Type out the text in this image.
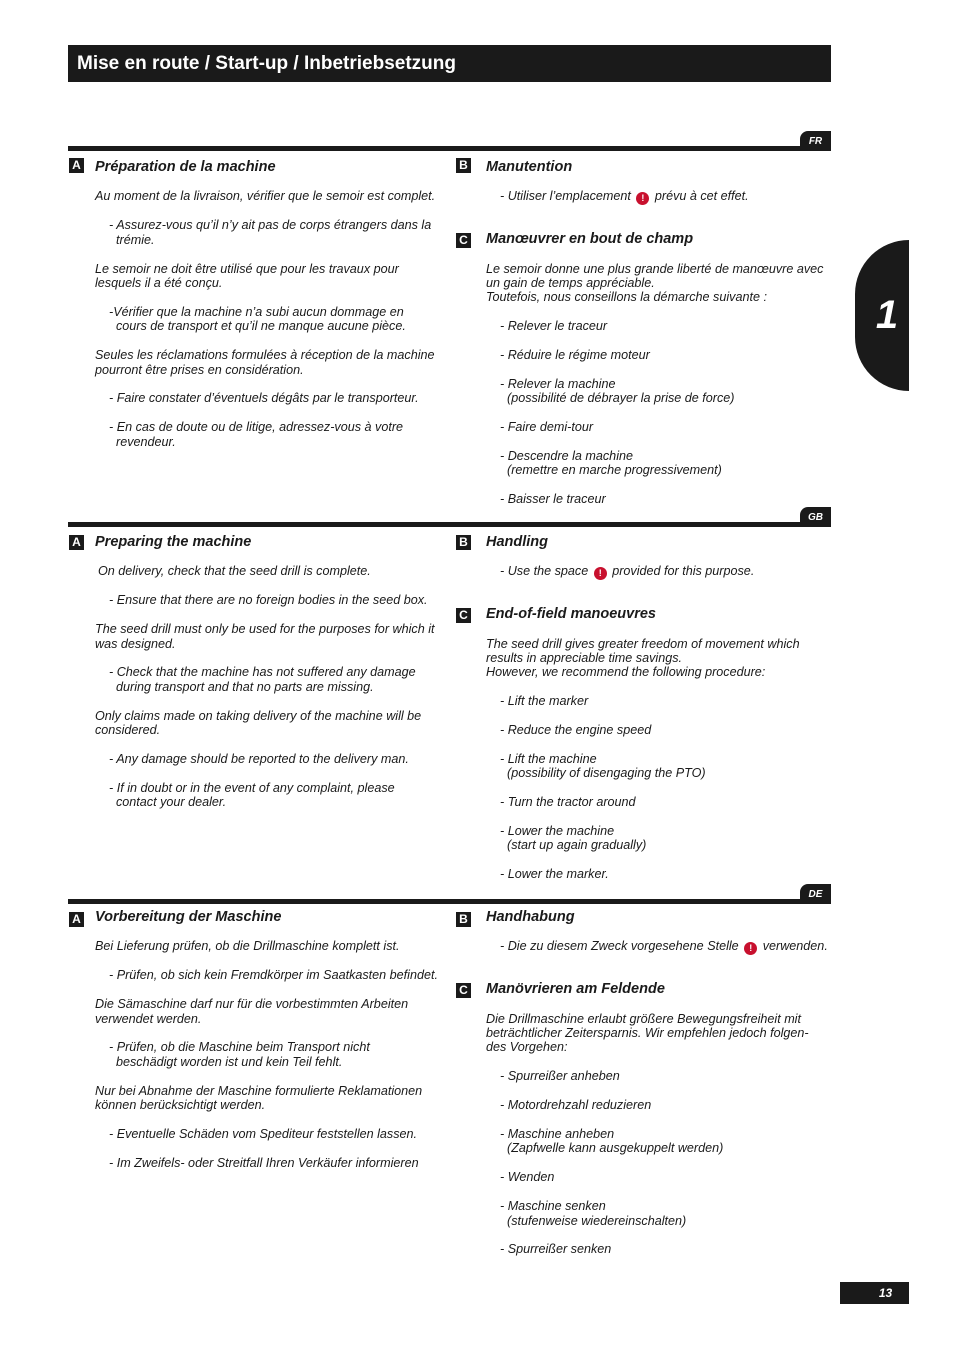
Mise en route / Start-up / Inbetriebsetzung
1
13
FR
A Préparation de la machine
Au moment de la livraison, vérifier que le semoir est complet.
- Assurez-vous qu’il n’y ait pas de corps étrangers dans la
trémie.
Le semoir ne doit être utilisé que pour les travaux pour
lesquels il a été conçu.
-Vérifier que la machine n’a subi aucun dommage en
cours de transport et qu’il ne manque aucune pièce.
Seules les réclamations formulées à réception de la machine
pourront être prises en considération.
- Faire constater d’éventuels dégâts par le transporteur.
- En cas de doute ou de litige, adressez-vous à votre
revendeur.
B Manutention
- Utiliser l’emplacement ! prévu à cet effet.
C Manœuvrer en bout de champ
Le semoir donne une plus grande liberté de manœuvre avec
un gain de temps appréciable.
Toutefois, nous conseillons la démarche suivante :
- Relever le traceur
- Réduire le régime moteur
- Relever la machine
(possibilité de débrayer la prise de force)
- Faire demi-tour
- Descendre la machine
(remettre en marche progressivement)
- Baisser le traceur
GB
A Preparing the machine
On delivery, check that the seed drill is complete.
- Ensure that there are no foreign bodies in the seed box.
The seed drill must only be used for the purposes for which it
was designed.
- Check that the machine has not suffered any damage
during transport and that no parts are missing.
Only claims made on taking delivery of the machine will be
considered.
- Any damage should be reported to the delivery man.
- If in doubt or in the event of any complaint, please
contact your dealer.
B Handling
- Use the space ! provided for this purpose.
C End-of-field manoeuvres
The seed drill gives greater freedom of movement which
results in appreciable time savings.
However, we recommend the following procedure:
- Lift the marker
- Reduce the engine speed
- Lift the machine
(possibility of disengaging the PTO)
- Turn the tractor around
- Lower the machine
(start up again gradually)
- Lower the marker.
DE
A Vorbereitung der Maschine
Bei Lieferung prüfen, ob die Drillmaschine komplett ist.
- Prüfen, ob sich kein Fremdkörper im Saatkasten befindet.
Die Sämaschine darf nur für die vorbestimmten Arbeiten
verwendet werden.
- Prüfen, ob die Maschine beim Transport nicht
beschädigt worden ist und kein Teil fehlt.
Nur bei Abnahme der Maschine formulierte Reklamationen
können berücksichtigt werden.
- Eventuelle Schäden vom Spediteur feststellen lassen.
- Im Zweifels- oder Streitfall Ihren Verkäufer informieren
B Handhabung
- Die zu diesem Zweck vorgesehene Stelle ! verwenden.
C Manövrieren am Feldende
Die Drillmaschine erlaubt größere Bewegungsfreiheit mit
beträchtlicher Zeitersparnis. Wir empfehlen jedoch folgen-
des Vorgehen:
- Spurreißer anheben
- Motordrehzahl reduzieren
- Maschine anheben
(Zapfwelle kann ausgekuppelt werden)
- Wenden
- Maschine senken
(stufenweise wiedereinschalten)
- Spurreißer senken
